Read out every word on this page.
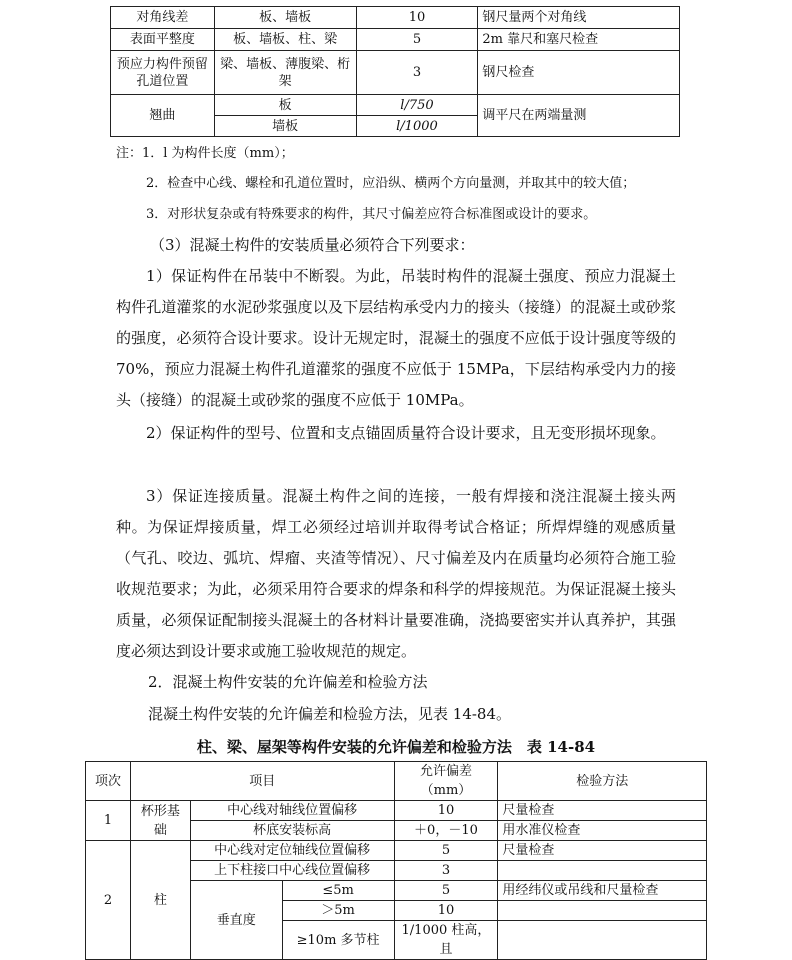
对角线差	板、墙板	10	钢尺量两个对角线
表面平整度	板、墙板、柱、梁	5	2m 靠尺和塞尺检查
预应力构件预留孔道位置	梁、墙板、薄腹梁、桁架	3	钢尺检查
翘曲	板	l/750	调平尺在两端量测
	墙板	l/1000	

注：1．l 为构件长度（mm）；

2．检查中心线、螺栓和孔道位置时，应沿纵、横两个方向量测，并取其中的较大值；

3．对形状复杂或有特殊要求的构件，其尺寸偏差应符合标准图或设计的要求。

（3）混凝土构件的安装质量必须符合下列要求：

1）保证构件在吊装中不断裂。为此，吊装时构件的混凝土强度、预应力混凝土构件孔道灌浆的水泥砂浆强度以及下层结构承受内力的接头（接缝）的混凝土或砂浆的强度，必须符合设计要求。设计无规定时，混凝土的强度不应低于设计强度等级的 70%，预应力混凝土构件孔道灌浆的强度不应低于 15MPa，下层结构承受内力的接头（接缝）的混凝土或砂浆的强度不应低于 10MPa。

2）保证构件的型号、位置和支点锚固质量符合设计要求，且无变形损坏现象。

3）保证连接质量。混凝土构件之间的连接，一般有焊接和浇注混凝土接头两种。为保证焊接质量，焊工必须经过培训并取得考试合格证；所焊焊缝的观感质量（气孔、咬边、弧坑、焊瘤、夹渣等情况）、尺寸偏差及内在质量均必须符合施工验收规范要求；为此，必须采用符合要求的焊条和科学的焊接规范。为保证混凝土接头质量，必须保证配制接头混凝土的各材料计量要准确，浇捣要密实并认真养护，其强度必须达到设计要求或施工验收规范的规定。

2．混凝土构件安装的允许偏差和检验方法

混凝土构件安装的允许偏差和检验方法，见表 14-84。

柱、梁、屋架等构件安装的允许偏差和检验方法　表 14-84

项次	项目			允许偏差（mm）	检验方法
1	杯形基础	中心线对轴线位置偏移		10	尺量检查
		杯底安装标高		＋0，－10	用水准仪检查
2	柱	中心线对定位轴线位置偏移		5	尺量检查
		上下柱接口中心线位置偏移		3	
		垂直度	≤5m	5	用经纬仪或吊线和尺量检查
			＞5m	10	
			≥10m 多节柱	1/1000 柱高，且	
